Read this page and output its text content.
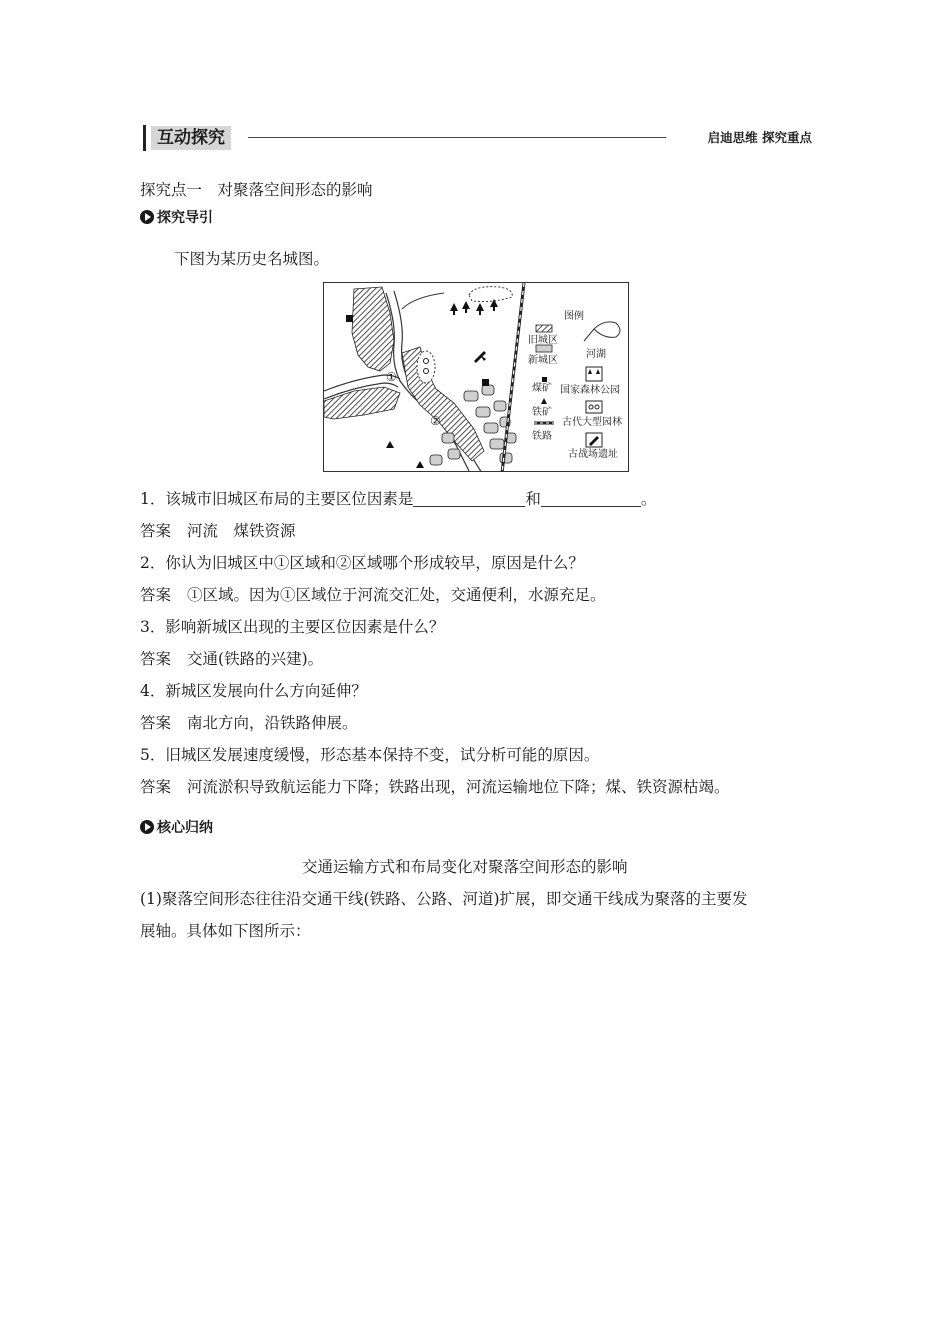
互动探究	启迪思维 探究重点
探究点一　对聚落空间形态的影响
探究导引
下图为某历史名城图。
①
②
图例
旧城区
新城区
煤矿
铁矿
铁路
河湖
国家森林公园
古代大型园林
古战场遗址
1．该城市旧城区布局的主要区位因素是	和	。
答案 河流　煤铁资源
2．你认为旧城区中①区域和②区域哪个形成较早，原因是什么？
答案 ①区域。因为①区域位于河流交汇处，交通便利，水源充足。
3．影响新城区出现的主要区位因素是什么？
答案 交通(铁路的兴建)。
4．新城区发展向什么方向延伸？
答案 南北方向，沿铁路伸展。
5．旧城区发展速度缓慢，形态基本保持不变，试分析可能的原因。
答案 河流淤积导致航运能力下降；铁路出现，河流运输地位下降；煤、铁资源枯竭。
核心归纳
交通运输方式和布局变化对聚落空间形态的影响
(1)聚落空间形态往往沿交通干线(铁路、公路、河道)扩展，即交通干线成为聚落的主要发
展轴。具体如下图所示：
